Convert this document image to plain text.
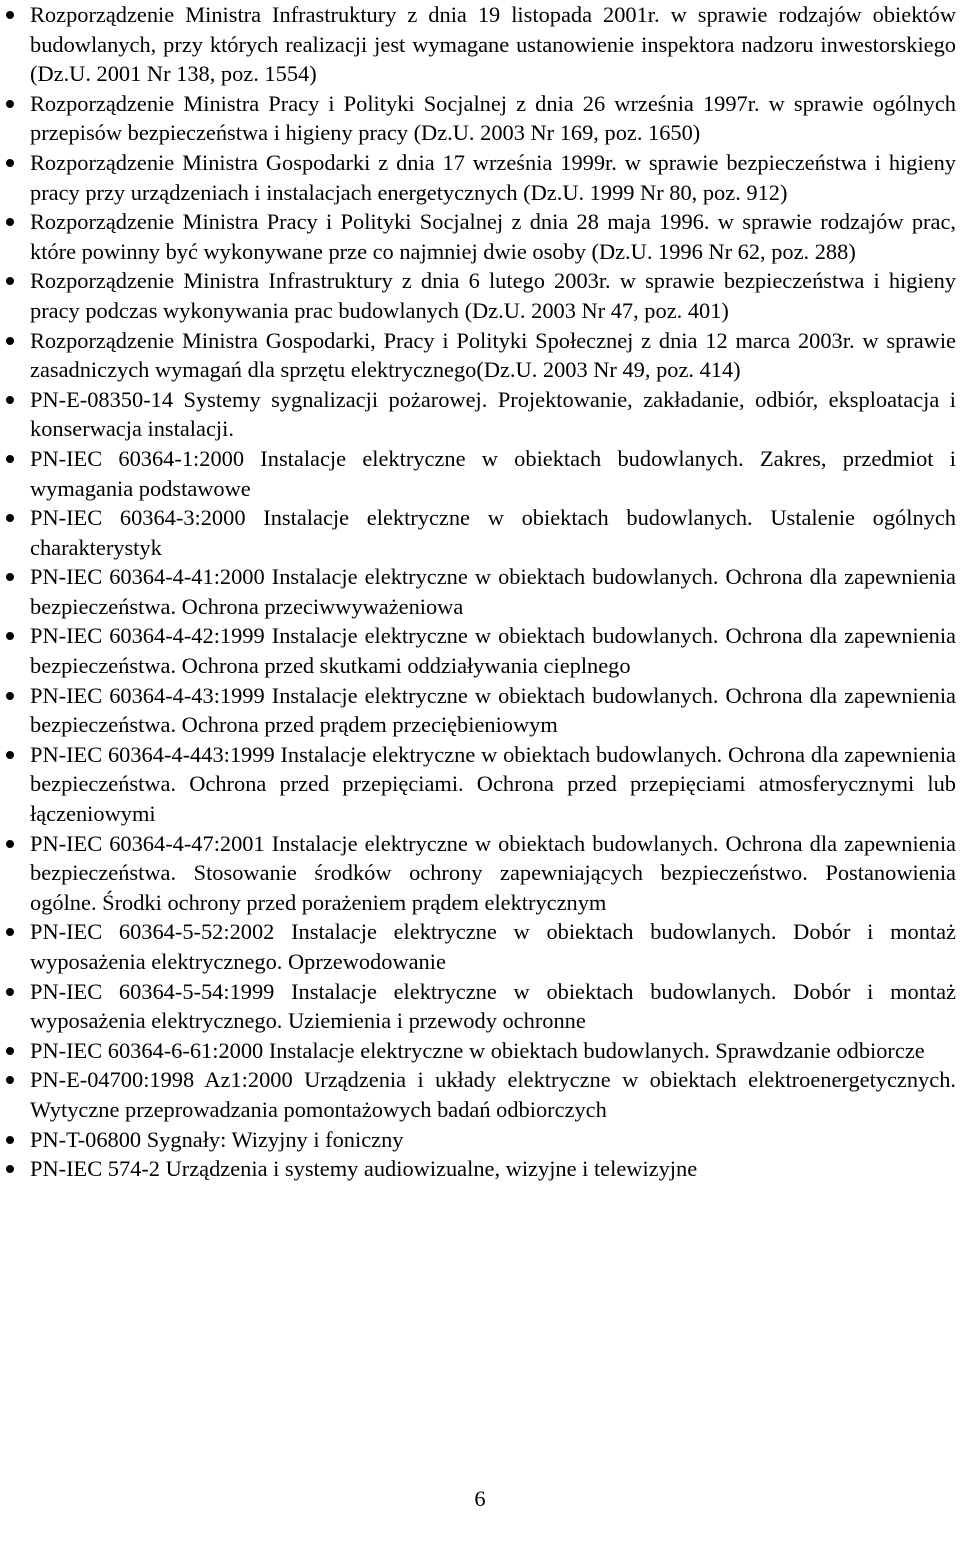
Rozporządzenie Ministra Infrastruktury z dnia 19 listopada 2001r. w sprawie rodzajów obiektów budowlanych, przy których realizacji jest wymagane ustanowienie inspektora nadzoru inwestorskiego (Dz.U. 2001 Nr 138, poz. 1554)
Rozporządzenie Ministra Pracy i Polityki Socjalnej z dnia 26 września 1997r. w sprawie ogólnych przepisów bezpieczeństwa i higieny pracy (Dz.U. 2003 Nr 169, poz. 1650)
Rozporządzenie Ministra Gospodarki z dnia 17 września 1999r. w sprawie bezpieczeństwa i higieny pracy przy urządzeniach i instalacjach energetycznych (Dz.U. 1999 Nr 80, poz. 912)
Rozporządzenie Ministra Pracy i Polityki Socjalnej z dnia 28 maja 1996. w sprawie rodzajów prac, które powinny być wykonywane prze co najmniej dwie osoby (Dz.U. 1996 Nr 62, poz. 288)
Rozporządzenie Ministra Infrastruktury z dnia 6 lutego 2003r. w sprawie bezpieczeństwa i higieny pracy podczas wykonywania prac budowlanych (Dz.U. 2003 Nr 47, poz. 401)
Rozporządzenie Ministra Gospodarki, Pracy i Polityki Społecznej z dnia 12 marca 2003r. w sprawie zasadniczych wymagań dla sprzętu elektrycznego(Dz.U. 2003 Nr 49, poz. 414)
PN-E-08350-14 Systemy sygnalizacji pożarowej. Projektowanie, zakładanie, odbiór, eksploatacja i konserwacja instalacji.
PN-IEC 60364-1:2000 Instalacje elektryczne w obiektach budowlanych. Zakres, przedmiot i wymagania podstawowe
PN-IEC 60364-3:2000 Instalacje elektryczne w obiektach budowlanych. Ustalenie ogólnych charakterystyk
PN-IEC 60364-4-41:2000 Instalacje elektryczne w obiektach budowlanych. Ochrona dla zapewnienia bezpieczeństwa. Ochrona przeciwwyważeniowa
PN-IEC 60364-4-42:1999 Instalacje elektryczne w obiektach budowlanych. Ochrona dla zapewnienia bezpieczeństwa. Ochrona przed skutkami oddziaływania cieplnego
PN-IEC 60364-4-43:1999 Instalacje elektryczne w obiektach budowlanych. Ochrona dla zapewnienia bezpieczeństwa. Ochrona przed prądem przeciębieniowym
PN-IEC 60364-4-443:1999 Instalacje elektryczne w obiektach budowlanych. Ochrona dla zapewnienia bezpieczeństwa. Ochrona przed przepięciami. Ochrona przed przepięciami atmosferycznymi lub łączeniowymi
PN-IEC 60364-4-47:2001 Instalacje elektryczne w obiektach budowlanych. Ochrona dla zapewnienia bezpieczeństwa. Stosowanie środków ochrony zapewniających bezpieczeństwo. Postanowienia ogólne. Środki ochrony przed porażeniem prądem elektrycznym
PN-IEC 60364-5-52:2002 Instalacje elektryczne w obiektach budowlanych. Dobór i montaż wyposażenia elektrycznego. Oprzewodowanie
PN-IEC 60364-5-54:1999 Instalacje elektryczne w obiektach budowlanych. Dobór i montaż wyposażenia elektrycznego. Uziemienia i przewody ochronne
PN-IEC 60364-6-61:2000 Instalacje elektryczne w obiektach budowlanych. Sprawdzanie odbiorcze
PN-E-04700:1998 Az1:2000 Urządzenia i układy elektryczne w obiektach elektroenergetycznych. Wytyczne przeprowadzania pomontażowych badań odbiorczych
PN-T-06800 Sygnały: Wizyjny i foniczny
PN-IEC 574-2 Urządzenia i systemy audiowizualne, wizyjne i telewizyjne
6
